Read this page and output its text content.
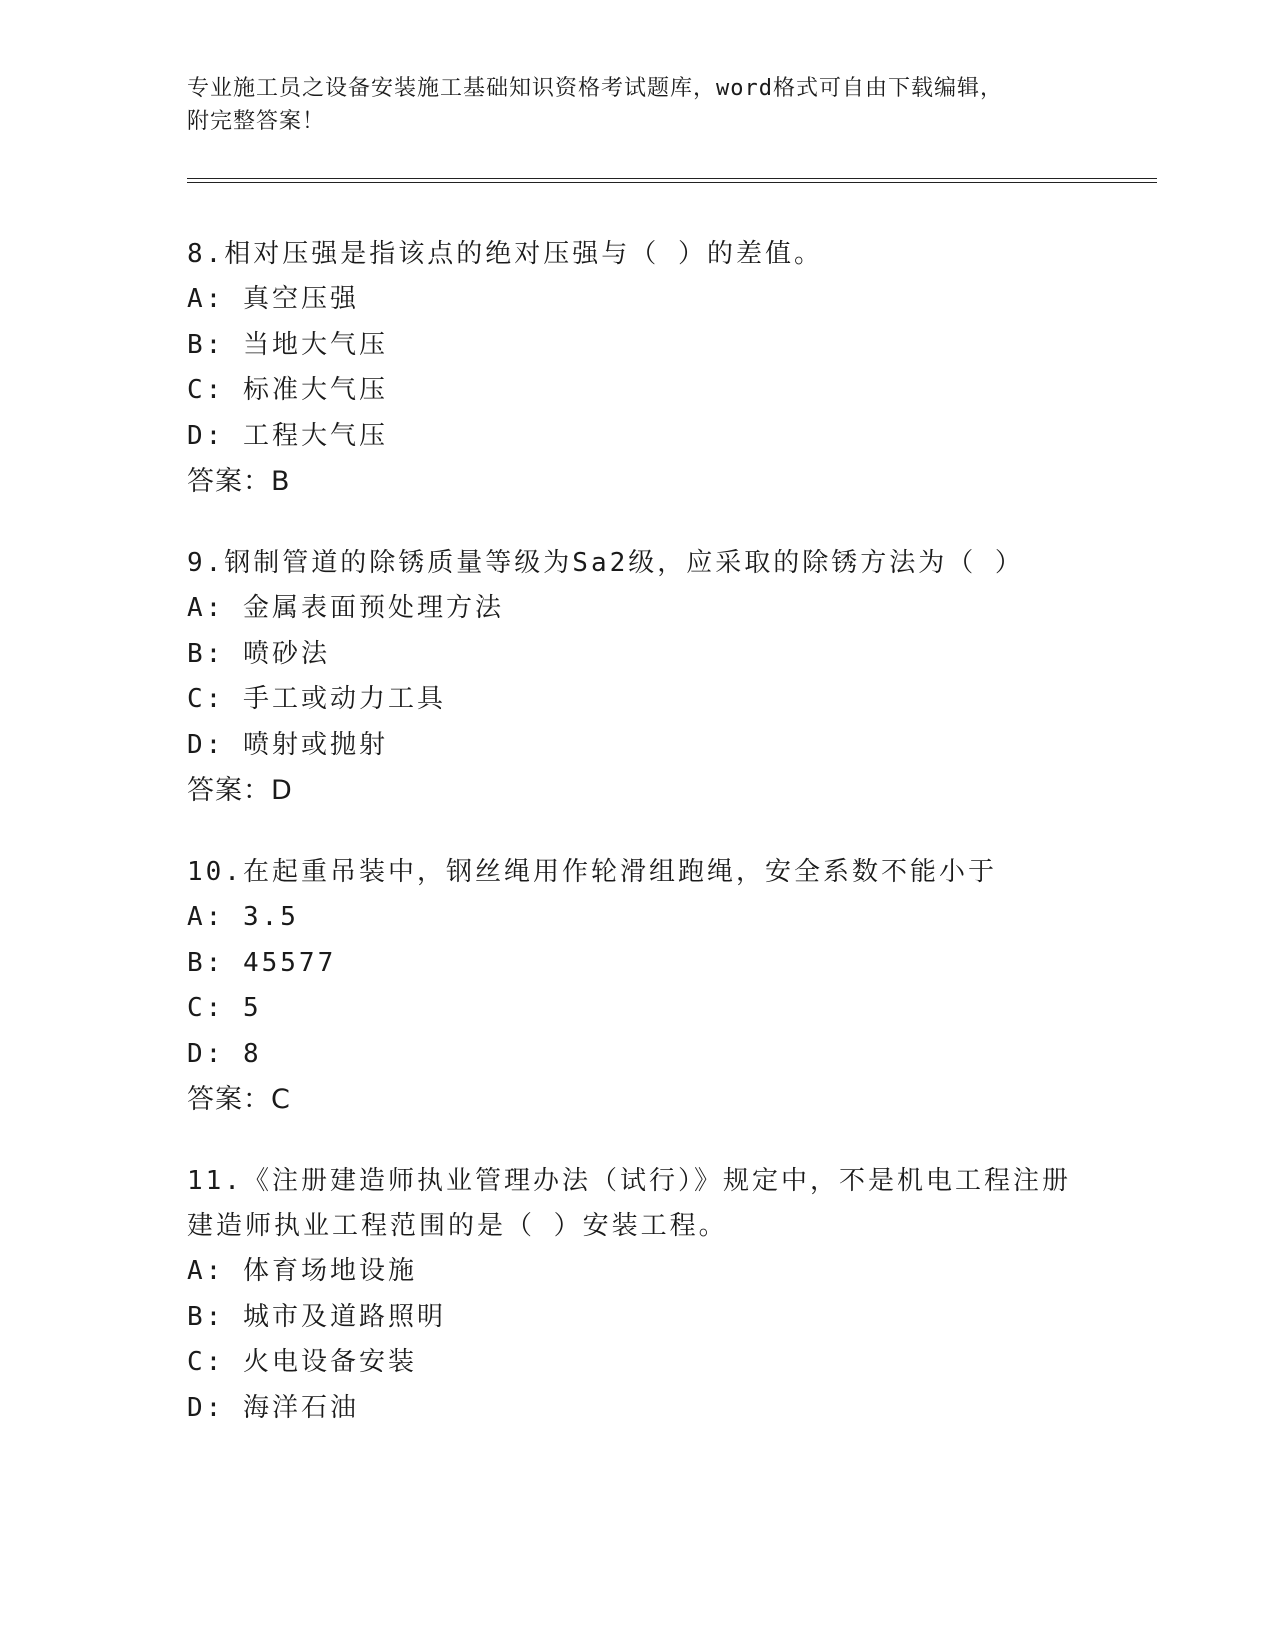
专业施工员之设备安装施工基础知识资格考试题库，word格式可自由下载编辑，
附完整答案！

8.相对压强是指该点的绝对压强与（ ）的差值。

A: 真空压强
B: 当地大气压
C: 标准大气压
D: 工程大气压
答案：B

9.钢制管道的除锈质量等级为Sa2级，应采取的除锈方法为（ ）

A: 金属表面预处理方法
B: 喷砂法
C: 手工或动力工具
D: 喷射或抛射
答案：D

10.在起重吊装中，钢丝绳用作轮滑组跑绳，安全系数不能小于

A: 3.5
B: 45577
C: 5
D: 8
答案：C

11.《注册建造师执业管理办法（试行）》规定中，不是机电工程注册
建造师执业工程范围的是（ ）安装工程。

A: 体育场地设施
B: 城市及道路照明
C: 火电设备安装
D: 海洋石油
